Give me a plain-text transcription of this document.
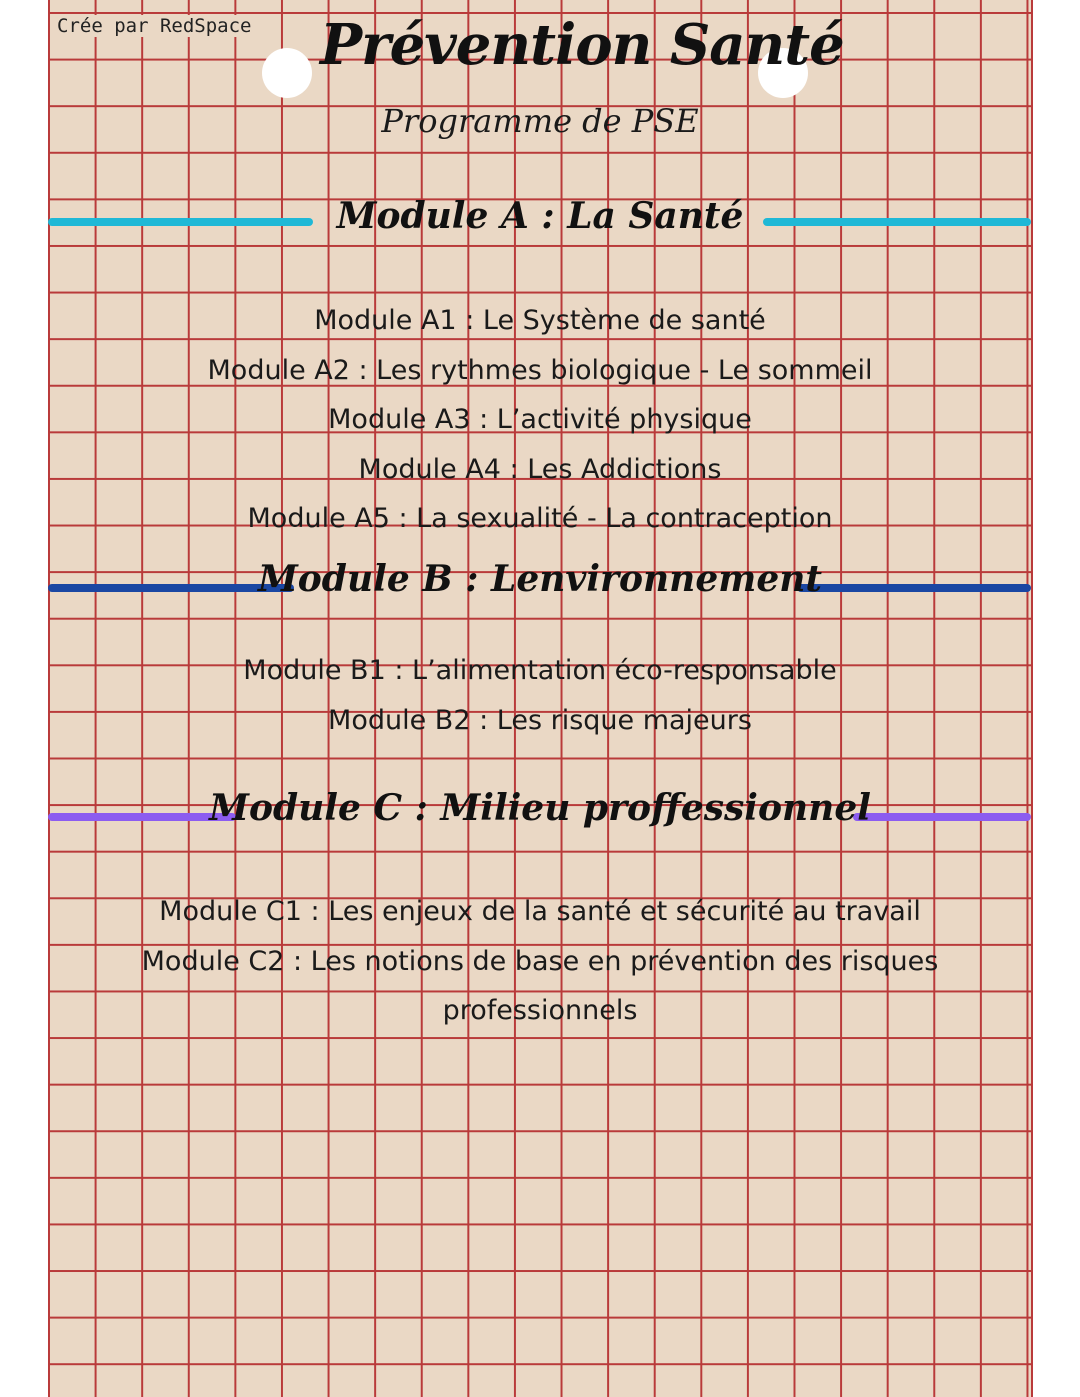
Crée par RedSpace Prévention Santé
Programme de PSE
Module A : La Santé
Module A1 : Le Système de santé
Module A2 : Les rythmes biologique - Le sommeil
Module A3 : L’activité physique
Module A4 : Les Addictions
Module A5 : La sexualité - La contraception
Module B : Lenvironnement
Module B1 : L’alimentation éco-responsable
Module B2 : Les risque majeurs
Module C : Milieu proffessionnel
Module C1 : Les enjeux de la santé et sécurité au travail
Module C2 : Les notions de base en prévention des risques professionnels
